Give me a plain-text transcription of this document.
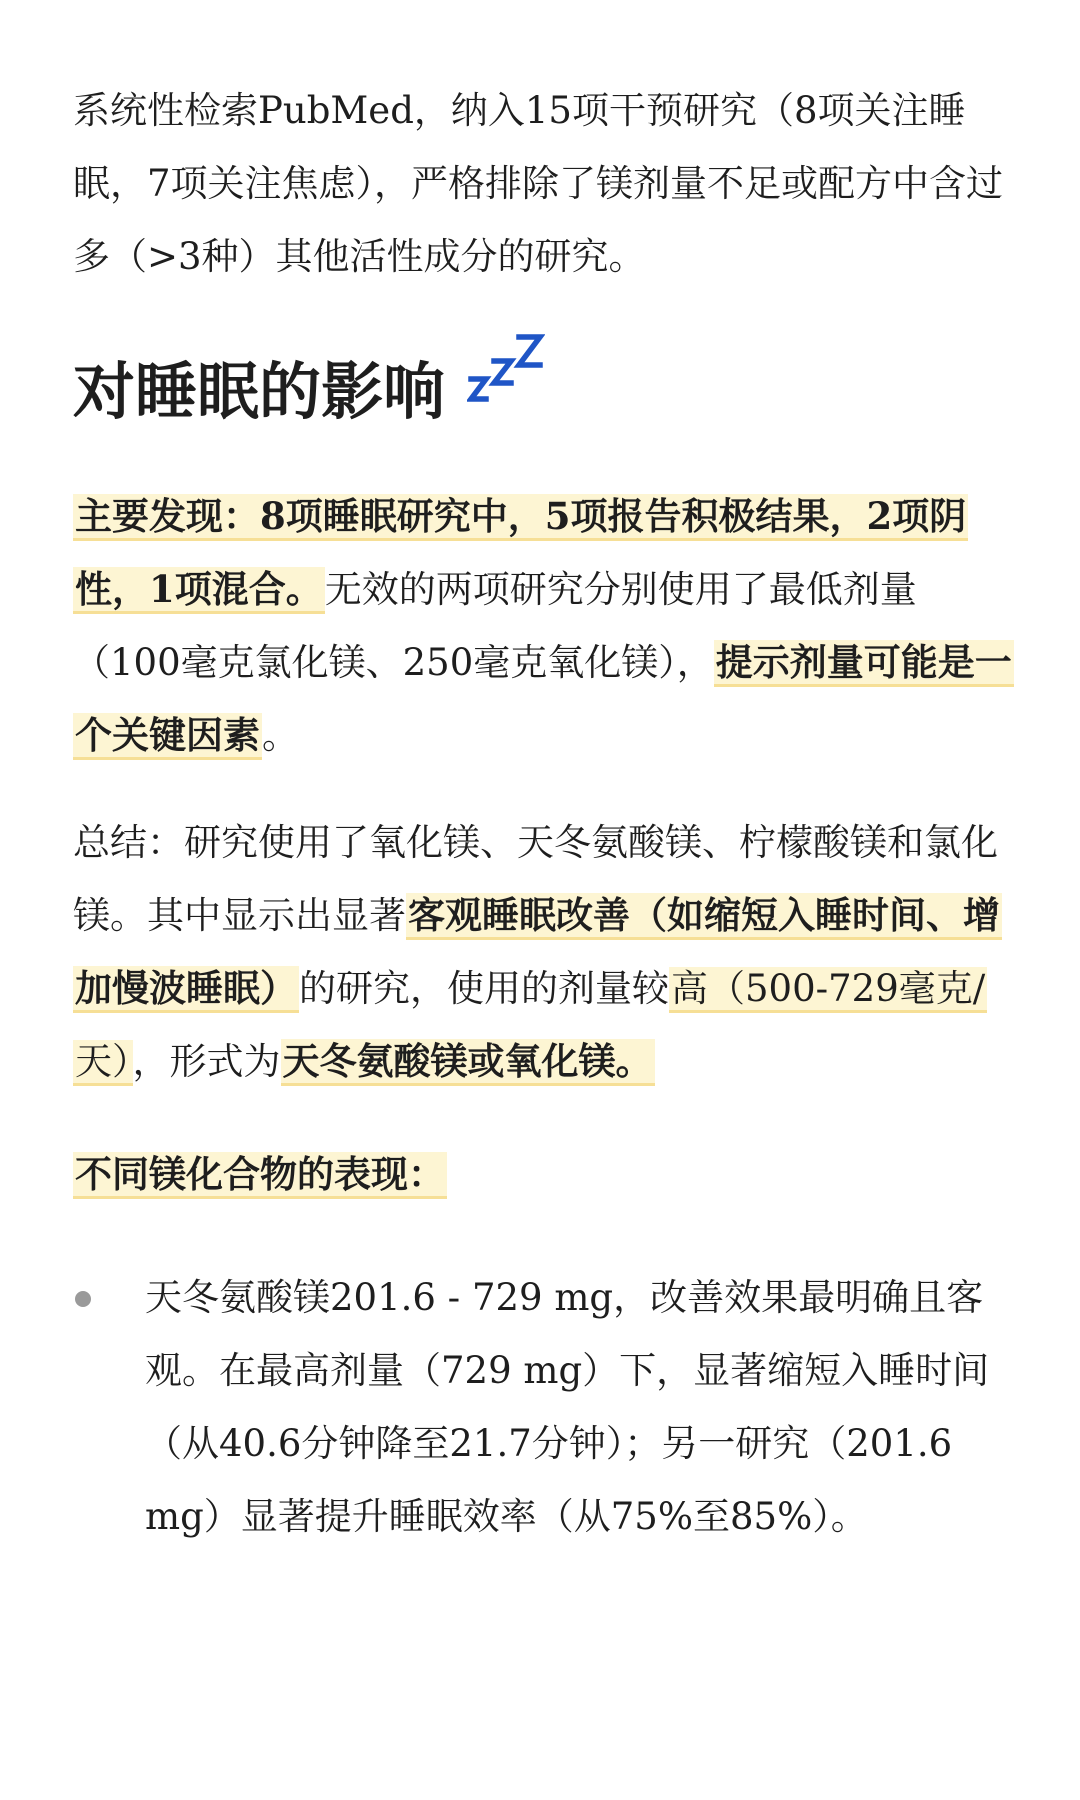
系统性检索PubMed，纳入15项干预研究（8项关注睡眠，7项关注焦虑），严格排除了镁剂量不足或配方中含过多（>3种）其他活性成分的研究。

对睡眠的影响

主要发现：8项睡眠研究中，5项报告积极结果，2项阴性，1项混合。无效的两项研究分别使用了最低剂量（100毫克氯化镁、250毫克氧化镁），提示剂量可能是一个关键因素。

总结：研究使用了氧化镁、天冬氨酸镁、柠檬酸镁和氯化镁。其中显示出显著客观睡眠改善（如缩短入睡时间、增加慢波睡眠）的研究，使用的剂量较高（500-729毫克/天），形式为天冬氨酸镁或氧化镁。

不同镁化合物的表现：

天冬氨酸镁201.6 - 729 mg，改善效果最明确且客观。在最高剂量（729 mg）下，显著缩短入睡时间（从40.6分钟降至21.7分钟）；另一研究（201.6 mg）显著提升睡眠效率（从75%至85%）。
